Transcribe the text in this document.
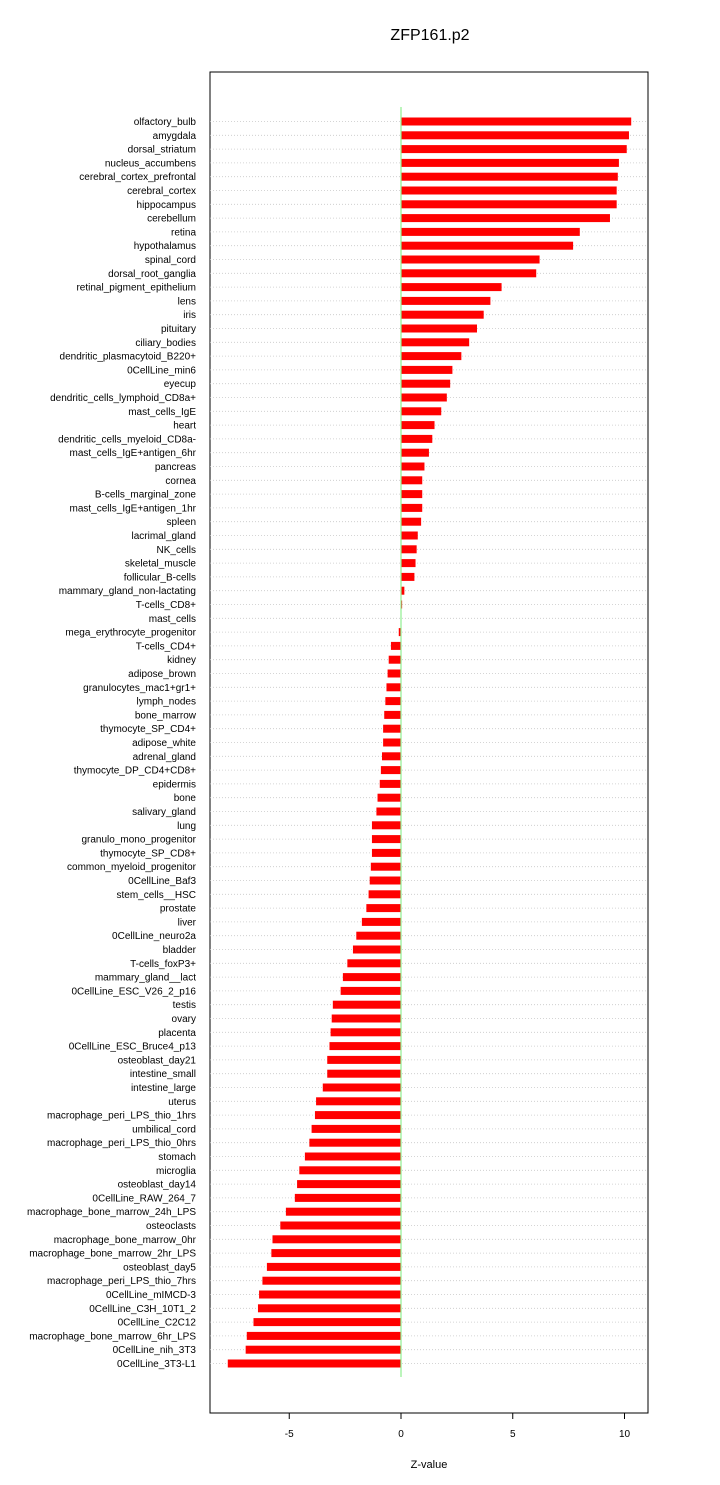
ZFP161.p2
olfactory_bulb
amygdala
dorsal_striatum
nucleus_accumbens
cerebral_cortex_prefrontal
cerebral_cortex
hippocampus
cerebellum
retina
hypothalamus
spinal_cord
dorsal_root_ganglia
retinal_pigment_epithelium
lens
iris
pituitary
ciliary_bodies
dendritic_plasmacytoid_B220+
0CellLine_min6
eyecup
dendritic_cells_lymphoid_CD8a+
mast_cells_IgE
heart
dendritic_cells_myeloid_CD8a-
mast_cells_IgE+antigen_6hr
pancreas
cornea
B-cells_marginal_zone
mast_cells_IgE+antigen_1hr
spleen
lacrimal_gland
NK_cells
skeletal_muscle
follicular_B-cells
mammary_gland_non-lactating
T-cells_CD8+
mast_cells
mega_erythrocyte_progenitor
T-cells_CD4+
kidney
adipose_brown
granulocytes_mac1+gr1+
lymph_nodes
bone_marrow
thymocyte_SP_CD4+
adipose_white
adrenal_gland
thymocyte_DP_CD4+CD8+
epidermis
bone
salivary_gland
lung
granulo_mono_progenitor
thymocyte_SP_CD8+
common_myeloid_progenitor
0CellLine_Baf3
stem_cells__HSC
prostate
liver
0CellLine_neuro2a
bladder
T-cells_foxP3+
mammary_gland__lact
0CellLine_ESC_V26_2_p16
testis
ovary
placenta
0CellLine_ESC_Bruce4_p13
osteoblast_day21
intestine_small
intestine_large
uterus
macrophage_peri_LPS_thio_1hrs
umbilical_cord
macrophage_peri_LPS_thio_0hrs
stomach
microglia
osteoblast_day14
0CellLine_RAW_264_7
macrophage_bone_marrow_24h_LPS
osteoclasts
macrophage_bone_marrow_0hr
macrophage_bone_marrow_2hr_LPS
osteoblast_day5
macrophage_peri_LPS_thio_7hrs
0CellLine_mIMCD-3
0CellLine_C3H_10T1_2
0CellLine_C2C12
macrophage_bone_marrow_6hr_LPS
0CellLine_nih_3T3
0CellLine_3T3-L1
-5	0	5	10
Z-value
